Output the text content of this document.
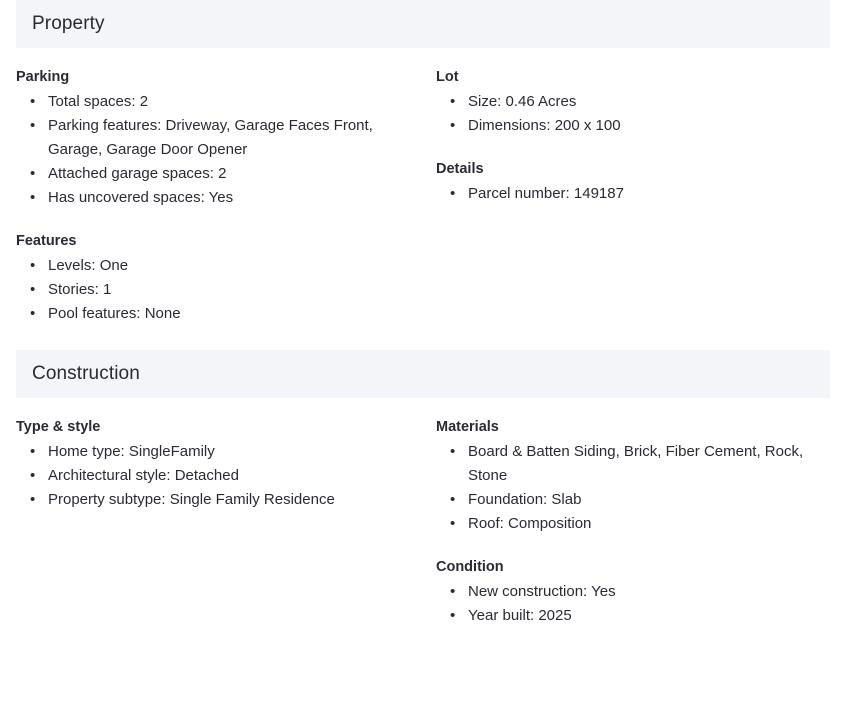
Property
Parking
• Total spaces: 2
• Parking features: Driveway, Garage Faces Front, Garage, Garage Door Opener
• Attached garage spaces: 2
• Has uncovered spaces: Yes
Features
• Levels: One
• Stories: 1
• Pool features: None
Lot
• Size: 0.46 Acres
• Dimensions: 200 x 100
Details
• Parcel number: 149187
Construction
Type & style
• Home type: SingleFamily
• Architectural style: Detached
• Property subtype: Single Family Residence
Materials
• Board & Batten Siding, Brick, Fiber Cement, Rock, Stone
• Foundation: Slab
• Roof: Composition
Condition
• New construction: Yes
• Year built: 2025
